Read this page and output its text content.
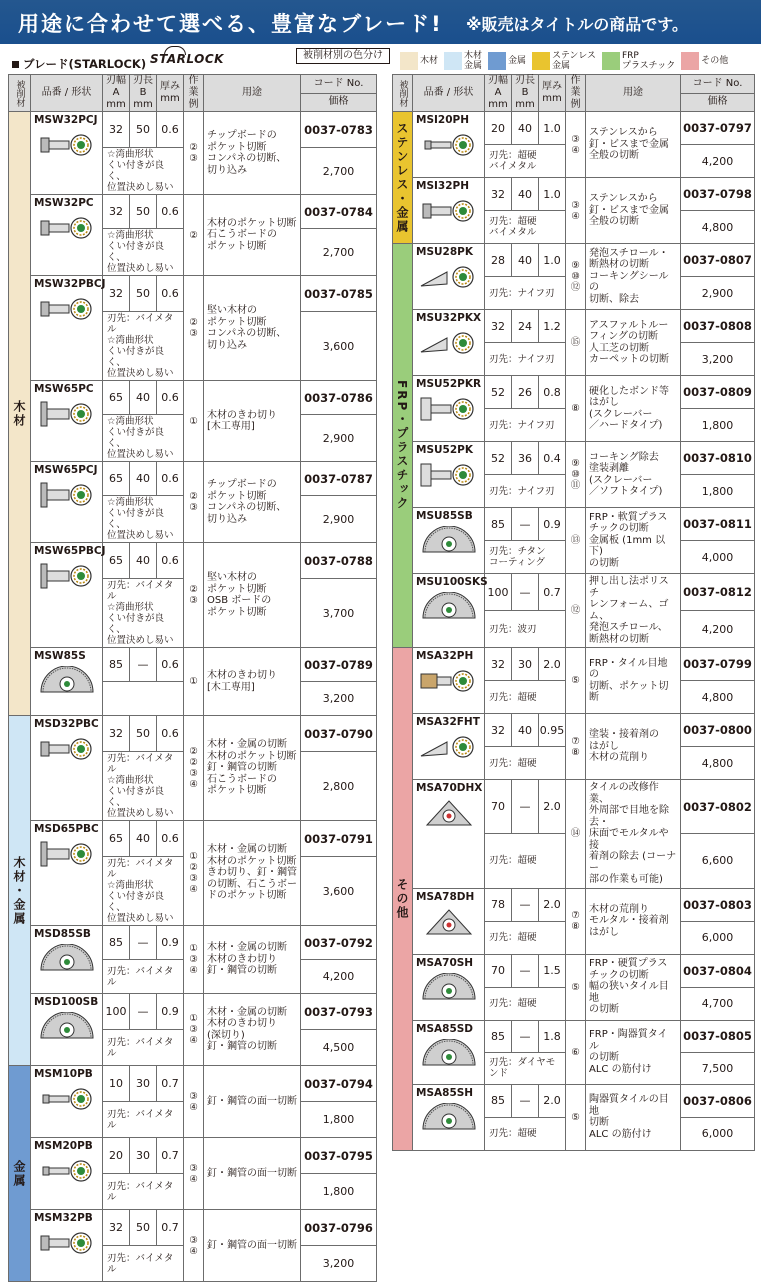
用途に合わせて選べる、豊富なブレード! ※販売はタイトルの商品です。
ブレード(STARLOCK) STARLOCK	被削材別の色分け	木材	木材
金属	金属	ステンレス
金属
FRP
プラスチック	その他
被削材	品番 / 形状	刃幅 A
mm	刃長 B
mm	厚み
mm	作業
例	用途	コード No.
							価格
木材	MSW32PCJ	32	50	0.6	②
③	チップボードの
ポケット切断
コンパネの切断、
切り込み	0037-0783

		☆湾曲形状
くい付きが良く、
位置決めし易い					2,700

	MSW32PC	32	50	0.6	②	木材のポケット切断
石こうボードの
ポケット切断	0037-0784

		☆湾曲形状
くい付きが良く、
位置決めし易い					2,700

	MSW32PBCJ	32	50	0.6	②
③	堅い木材の
ポケット切断
コンパネの切断、
切り込み	0037-0785

		刃先：バイメタル
☆湾曲形状
くい付きが良く、
位置決めし易い					3,600

	MSW65PC	65	40	0.6	①	木材のきわ切り
[木工専用]	0037-0786

		☆湾曲形状
くい付きが良く、
位置決めし易い					2,900

	MSW65PCJ	65	40	0.6	②
③	チップボードの
ポケット切断
コンパネの切断、
切り込み	0037-0787

		☆湾曲形状
くい付きが良く、
位置決めし易い					2,900

	MSW65PBCJ	65	40	0.6	②
③	堅い木材の
ポケット切断
OSB ボードの
ポケット切断	0037-0788

		刃先：バイメタル
☆湾曲形状
くい付きが良く、
位置決めし易い					3,700

	MSW85S	85	—	0.6	①	木材のきわ切り
[木工専用]	0037-0789
							3,200
木材・金属	MSD32PBC	32	50	0.6	②
②
③
④	木材・金属の切断
木材のポケット切断
釘・鋼管の切断
石こうボードの
ポケット切断	0037-0790

		刃先：バイメタル
☆湾曲形状
くい付きが良く、
位置決めし易い					2,800

	MSD65PBC	65	40	0.6	①
②
③
④	木材・金属の切断
木材のポケット切断
きわ切り、釘・鋼管
の切断、石こうボー
ドのポケット切断	0037-0791

		刃先：バイメタル
☆湾曲形状
くい付きが良く、
位置決めし易い					3,600

	MSD85SB	85	—	0.9	①
③
④	木材・金属の切断
木材のきわ切り
釘・鋼管の切断	0037-0792

		刃先：バイメタル					4,200

	MSD100SB	100	—	0.9	①
③
④	木材・金属の切断
木材のきわ切り
(深切り)
釘・鋼管の切断	0037-0793

		刃先：バイメタル					4,500
金属	MSM10PB	10	30	0.7	③
④	釘・鋼管の面一切断	0037-0794

		刃先：バイメタル					1,800

	MSM20PB	20	30	0.7	③
④	釘・鋼管の面一切断	0037-0795

		刃先：バイメタル					1,800

	MSM32PB	32	50	0.7	③
④	釘・鋼管の面一切断	0037-0796

		刃先：バイメタル					3,200
被削材	品番 / 形状	刃幅 A
mm	刃長 B
mm	厚み
mm	作業
例	用途	コード No.
							価格
ステンレス・金属	MSI20PH	20	40	1.0	③
④	ステンレスから
釘・ビスまで金属
全般の切断	0037-0797

		刃先：超硬
バイメタル					4,200

	MSI32PH	32	40	1.0	③
④	ステンレスから
釘・ビスまで金属
全般の切断	0037-0798

		刃先：超硬
バイメタル					4,800
FRP・プラスチック	MSU28PK	28	40	1.0	⑨
⑩
⑫	発泡スチロール・
断熱材の切断
コーキングシールの
切断、除去	0037-0807

		刃先：ナイフ刃					2,900

	MSU32PKX	32	24	1.2	⑮	アスファルトルー
フィングの切断
人工芝の切断
カーペットの切断	0037-0808

		刃先：ナイフ刃					3,200

	MSU52PKR	52	26	0.8	⑧	硬化したボンド等
はがし
(スクレーバー
／ハードタイプ)	0037-0809

		刃先：ナイフ刃					1,800

	MSU52PK	52	36	0.4	⑨
⑩
⑪	コーキング除去
塗装剥離
(スクレーバー
／ソフトタイプ)	0037-0810

		刃先：ナイフ刃					1,800

	MSU85SB	85	—	0.9	⑬	FRP・軟質プラス
チックの切断
金属板 (1mm 以下)
の切断	0037-0811

		刃先：チタン
コーティング					4,000

	MSU100SKS	100	—	0.7	⑫	押し出し法ポリスチ
レンフォーム、ゴム、
発泡スチロール、
断熱材の切断	0037-0812

		刃先：波刃					4,200
その他	MSA32PH	32	30	2.0	⑤	FRP・タイル目地の
切断、ポケット切断	0037-0799

		刃先：超硬					4,800

	MSA32FHT	32	40	0.95	⑦
⑧	塗装・接着剤の
はがし
木材の荒削り	0037-0800

		刃先：超硬					4,800

	MSA70DHX	70	—	2.0	⑭	タイルの改修作業、
外周部で目地を除去・
床面でモルタルや接
着剤の除去 (コーナー
部の作業も可能)	0037-0802

		刃先：超硬					6,600

	MSA78DH	78	—	2.0	⑦
⑧	木材の荒削り
モルタル・接着剤
はがし	0037-0803

		刃先：超硬					6,000

	MSA70SH	70	—	1.5	⑤	FRP・硬質プラス
チックの切断
幅の狭いタイル目地
の切断	0037-0804

		刃先：超硬					4,700

	MSA85SD	85	—	1.8	⑥	FRP・陶器質タイル
の切断
ALC の筋付け	0037-0805

		刃先：ダイヤモンド					7,500

	MSA85SH	85	—	2.0	⑤	陶器質タイルの目地
切断
ALC の筋付け	0037-0806

		刃先：超硬					6,000
